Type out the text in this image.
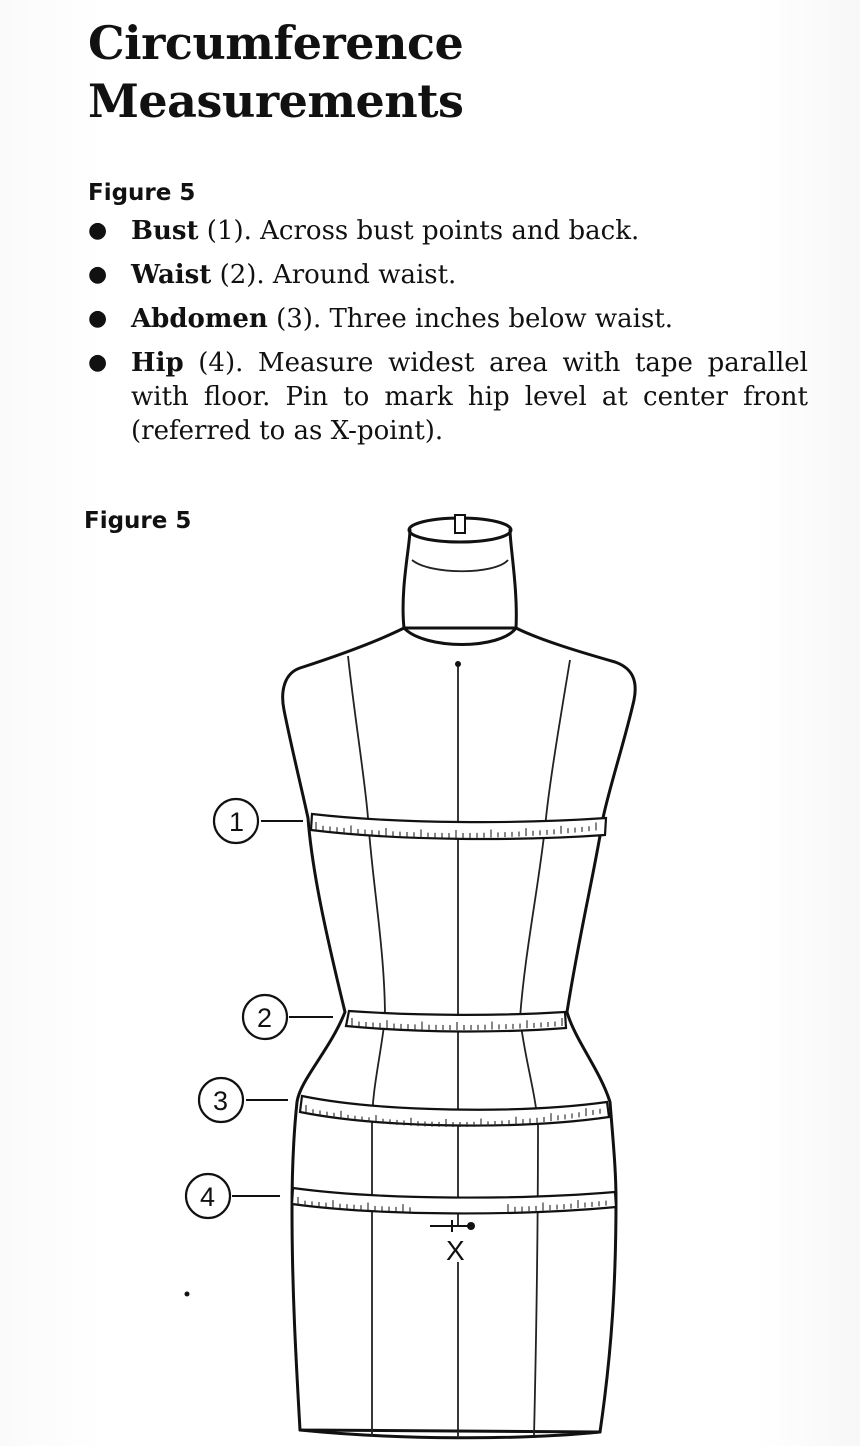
Circumference
Measurements
Figure 5
● Bust (1). Across bust points and back.
● Waist (2). Around waist.
● Abdomen (3). Three inches below waist.
● Hip (4). Measure widest area with tape parallel with floor. Pin to mark hip level at center front (referred to as X-point).
Figure 5
X
1
2
3
4
